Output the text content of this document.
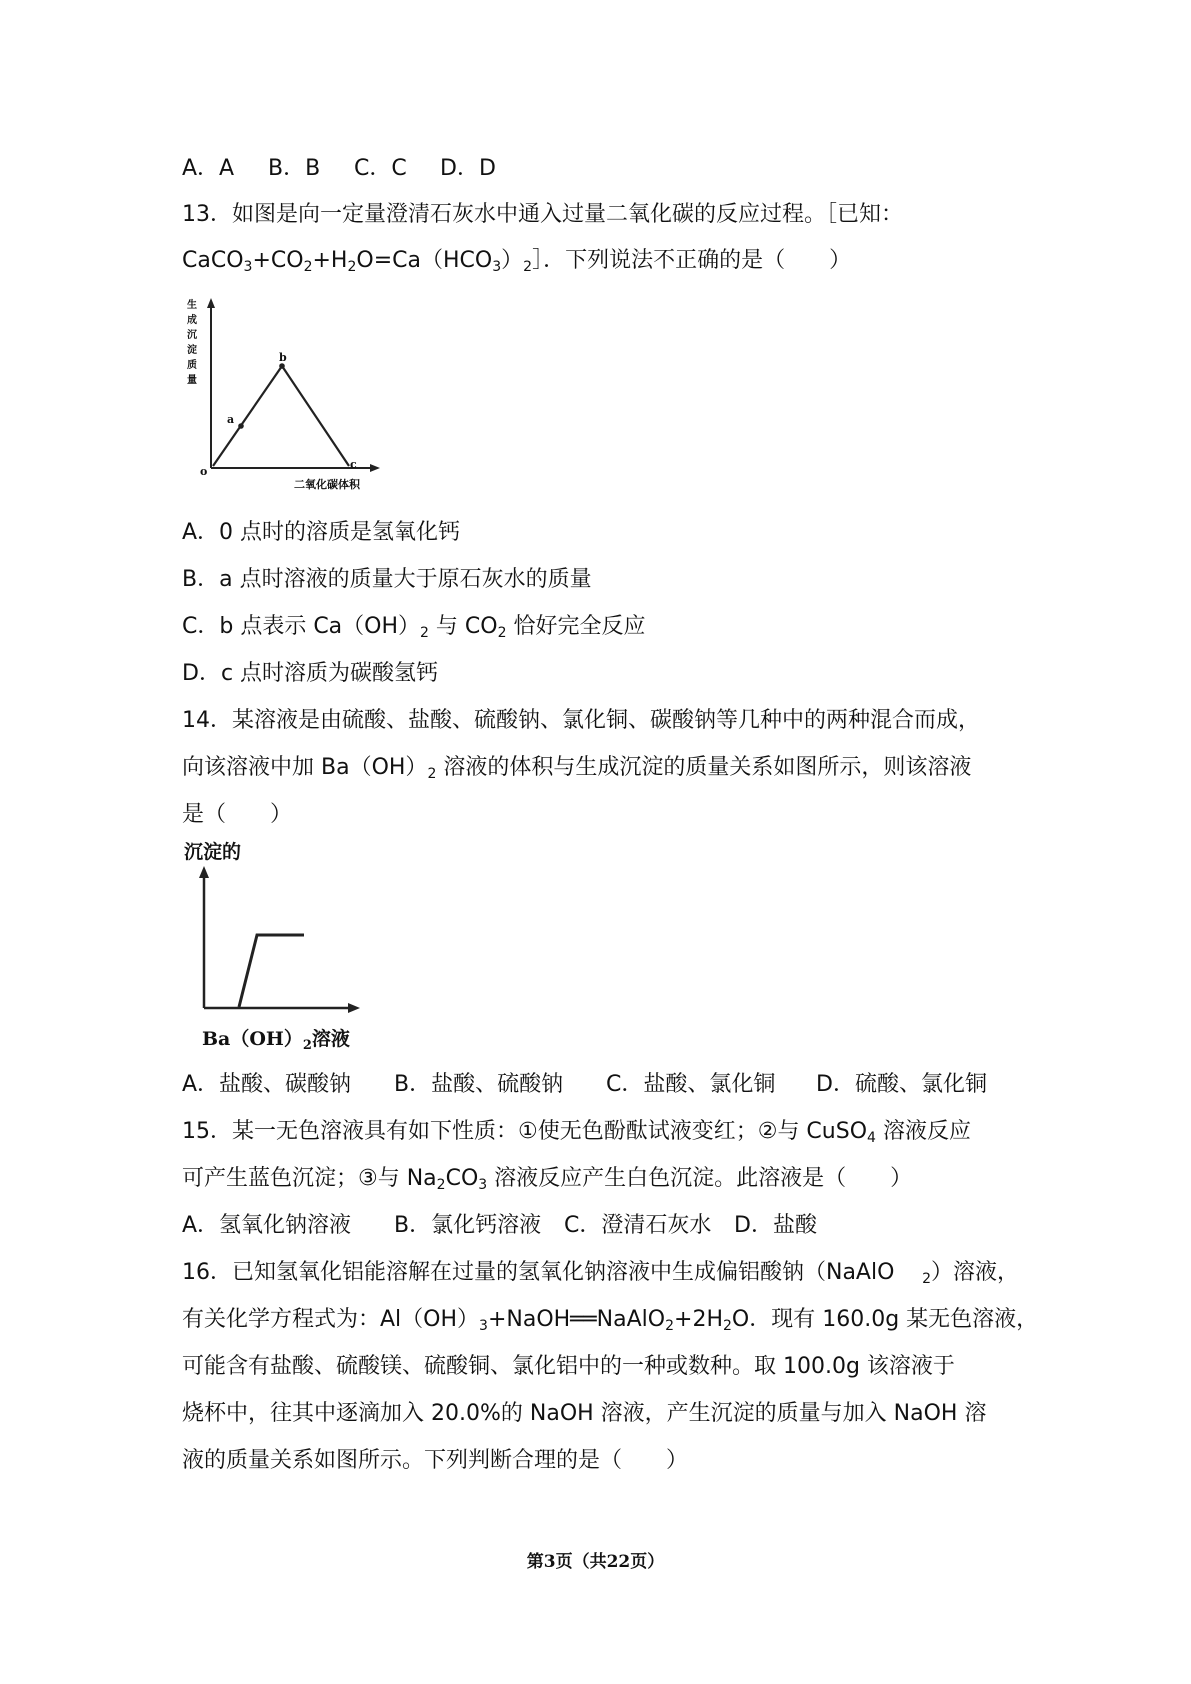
A．A B．B C．C D．D
13．如图是向一定量澄清石灰水中通入过量二氧化碳的反应过程。［已知：
$CaCO_3+CO_2+H_2O=Ca(HCO_3)_2]$．下列说法不正确的是（　　）
生
成
沉
淀
质
量
o
a
b
c
二氧化碳体积
A．0 点时的溶质是氢氧化钙
B．a 点时溶液的质量大于原石灰水的质量
C．b 点表示 $Ca(OH)_2$ 与 $CO_2$ 恰好完全反应
D．c 点时溶质为碳酸氢钙
14．某溶液是由硫酸、盐酸、硫酸钠、氯化铜、碳酸钠等几种中的两种混合而成，
向该溶液中加 $Ba(OH)_2$ 溶液的体积与生成沉淀的质量关系如图所示，则该溶液
是（　　）
沉淀的
$Ba(OH)_2$溶液
A．盐酸、碳酸钠 B．盐酸、硫酸钠 C．盐酸、氯化铜 D．硫酸、氯化铜
15．某一无色溶液具有如下性质：①使无色酚酞试液变红；②与 CuSO$_4$ 溶液反应
可产生蓝色沉淀；③与 $Na_2CO_3$ 溶液反应产生白色沉淀。此溶液是（　　）
A．氢氧化钠溶液 B．氯化钙溶液 C．澄清石灰水 D．盐酸
16．已知氢氧化铝能溶解在过量的氢氧化钠溶液中生成偏铝酸钠（NaAlO $_2$）溶液，
有关化学方程式为：$Al(OH)_3+NaOH══NaAlO_2+2H_2O$．现有 160.0g 某无色溶液，
可能含有盐酸、硫酸镁、硫酸铜、氯化铝中的一种或数种。取 100.0g 该溶液于
烧杯中，往其中逐滴加入 20.0%的 NaOH 溶液，产生沉淀的质量与加入 NaOH 溶
液的质量关系如图所示。下列判断合理的是（　　）
第3页（共22页）
